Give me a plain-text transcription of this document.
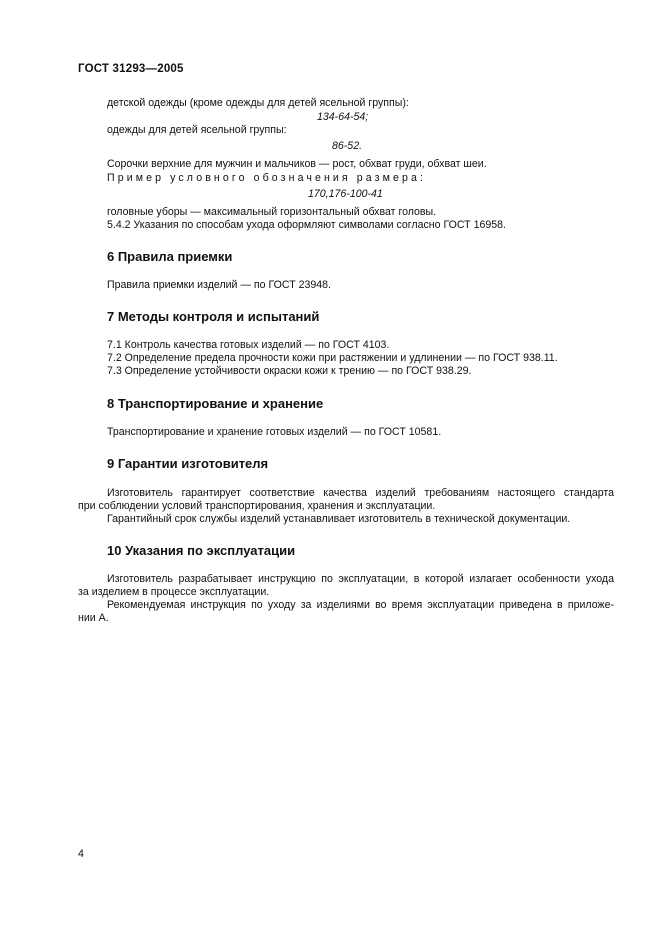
ГОСТ 31293—2005
детской одежды (кроме одежды для детей ясельной группы):
134-64-54;
одежды для детей ясельной группы:
86-52.
Сорочки верхние для мужчин и мальчиков — рост, обхват груди, обхват шеи.
Пример условного обозначения размера:
170,176-100-41
головные уборы — максимальный горизонтальный обхват головы.
5.4.2 Указания по способам ухода оформляют символами согласно ГОСТ 16958.
6 Правила приемки
Правила приемки изделий — по ГОСТ 23948.
7 Методы контроля и испытаний
7.1 Контроль качества готовых изделий — по ГОСТ 4103.
7.2 Определение предела прочности кожи при растяжении и удлинении — по ГОСТ 938.11.
7.3 Определение устойчивости окраски кожи к трению — по ГОСТ 938.29.
8 Транспортирование и хранение
Транспортирование и хранение готовых изделий — по ГОСТ 10581.
9 Гарантии изготовителя
Изготовитель гарантирует соответствие качества изделий требованиям настоящего стандарта
при соблюдении условий транспортирования, хранения и эксплуатации.
Гарантийный срок службы изделий устанавливает изготовитель в технической документации.
10 Указания по эксплуатации
Изготовитель разрабатывает инструкцию по эксплуатации, в которой излагает особенности ухода
за изделием в процессе эксплуатации.
Рекомендуемая инструкция по уходу за изделиями во время эксплуатации приведена в приложе-
нии А.
4
